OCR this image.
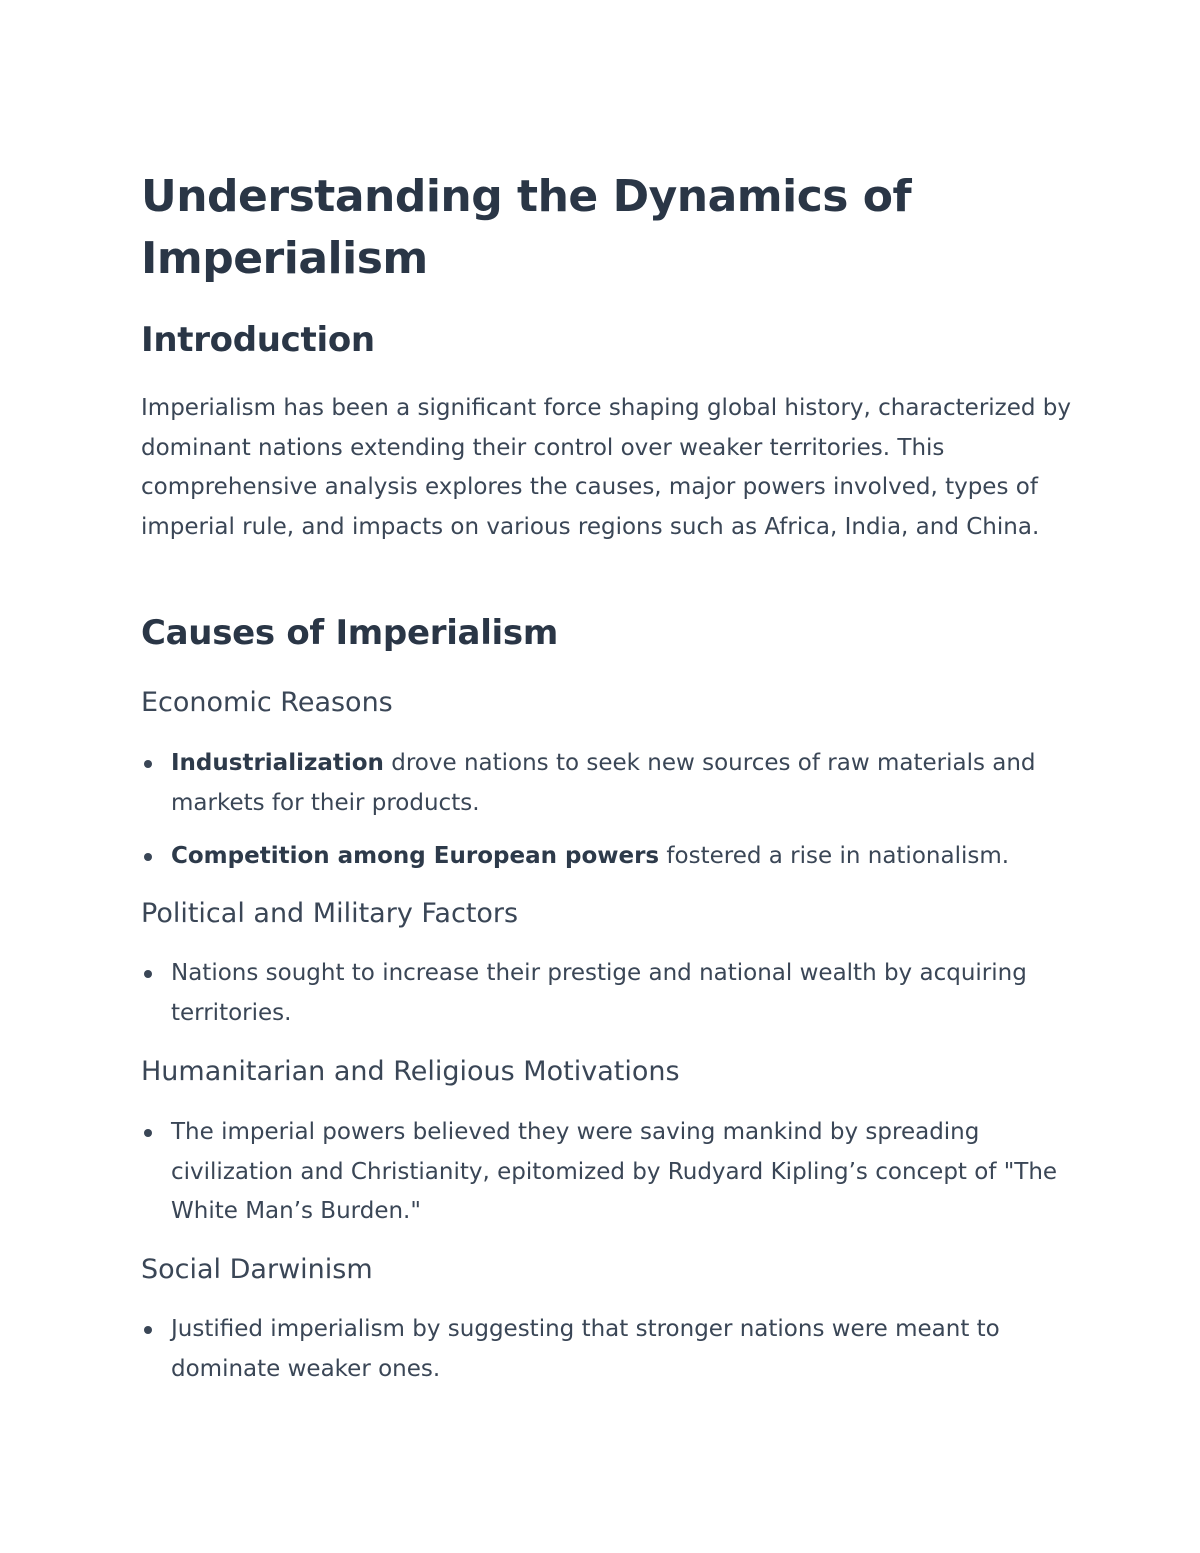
Understanding the Dynamics of Imperialism
Introduction

Imperialism has been a significant force shaping global history, characterized by dominant nations extending their control over weaker territories. This comprehensive analysis explores the causes, major powers involved, types of imperial rule, and impacts on various regions such as Africa, India, and China.

Causes of Imperialism
Economic Reasons
Industrialization drove nations to seek new sources of raw materials and markets for their products.
Competition among European powers fostered a rise in nationalism.
Political and Military Factors
Nations sought to increase their prestige and national wealth by acquiring territories.
Humanitarian and Religious Motivations
The imperial powers believed they were saving mankind by spreading civilization and Christianity, epitomized by Rudyard Kipling’s concept of "The White Man’s Burden."
Social Darwinism
Justified imperialism by suggesting that stronger nations were meant to dominate weaker ones.
